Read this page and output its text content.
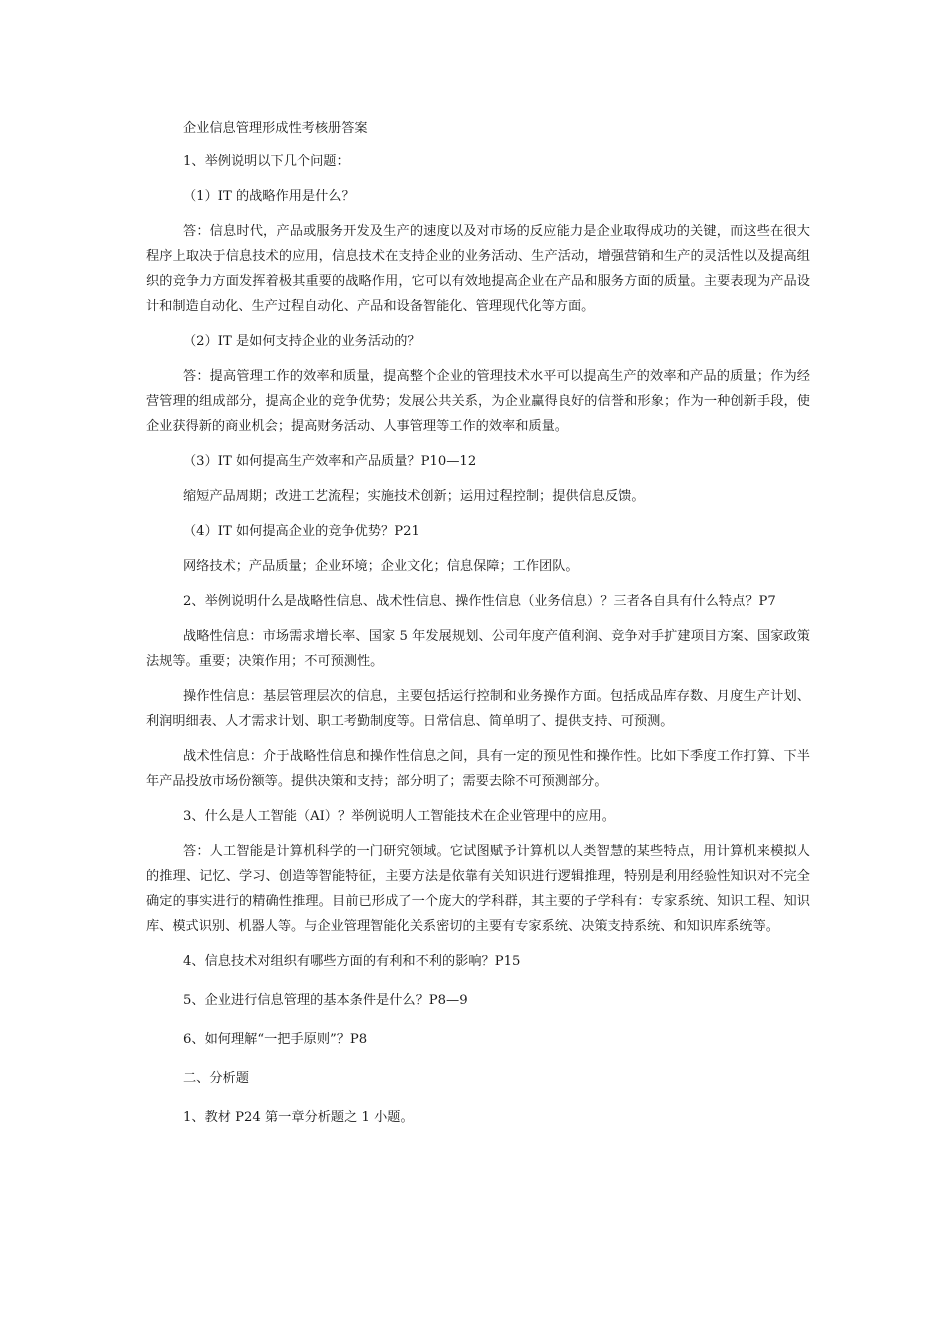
企业信息管理形成性考核册答案

1、举例说明以下几个问题：

（1）IT 的战略作用是什么？

答：信息时代，产品或服务开发及生产的速度以及对市场的反应能力是企业取得成功的关键，而这些在很大程序上取决于信息技术的应用，信息技术在支持企业的业务活动、生产活动，增强营销和生产的灵活性以及提高组织的竞争力方面发挥着极其重要的战略作用，它可以有效地提高企业在产品和服务方面的质量。主要表现为产品设计和制造自动化、生产过程自动化、产品和设备智能化、管理现代化等方面。

（2）IT 是如何支持企业的业务活动的？

答：提高管理工作的效率和质量，提高整个企业的管理技术水平可以提高生产的效率和产品的质量；作为经营管理的组成部分，提高企业的竞争优势；发展公共关系，为企业赢得良好的信誉和形象；作为一种创新手段，使企业获得新的商业机会；提高财务活动、人事管理等工作的效率和质量。

（3）IT 如何提高生产效率和产品质量？P10—12

缩短产品周期；改进工艺流程；实施技术创新；运用过程控制；提供信息反馈。

（4）IT 如何提高企业的竞争优势？P21

网络技术；产品质量；企业环境；企业文化；信息保障；工作团队。

2、举例说明什么是战略性信息、战术性信息、操作性信息（业务信息）？三者各自具有什么特点？P7

战略性信息：市场需求增长率、国家 5 年发展规划、公司年度产值利润、竞争对手扩建项目方案、国家政策法规等。重要；决策作用；不可预测性。

操作性信息：基层管理层次的信息，主要包括运行控制和业务操作方面。包括成品库存数、月度生产计划、利润明细表、人才需求计划、职工考勤制度等。日常信息、简单明了、提供支持、可预测。

战术性信息：介于战略性信息和操作性信息之间，具有一定的预见性和操作性。比如下季度工作打算、下半年产品投放市场份额等。提供决策和支持；部分明了；需要去除不可预测部分。

3、什么是人工智能（AI）？举例说明人工智能技术在企业管理中的应用。

答：人工智能是计算机科学的一门研究领域。它试图赋予计算机以人类智慧的某些特点，用计算机来模拟人的推理、记忆、学习、创造等智能特征，主要方法是依靠有关知识进行逻辑推理，特别是利用经验性知识对不完全确定的事实进行的精确性推理。目前已形成了一个庞大的学科群，其主要的子学科有：专家系统、知识工程、知识库、模式识别、机器人等。与企业管理智能化关系密切的主要有专家系统、决策支持系统、和知识库系统等。

4、信息技术对组织有哪些方面的有利和不利的影响？P15

5、企业进行信息管理的基本条件是什么？P8—9

6、如何理解“一把手原则”？P8

二、分析题

1、教材 P24 第一章分析题之 1 小题。
